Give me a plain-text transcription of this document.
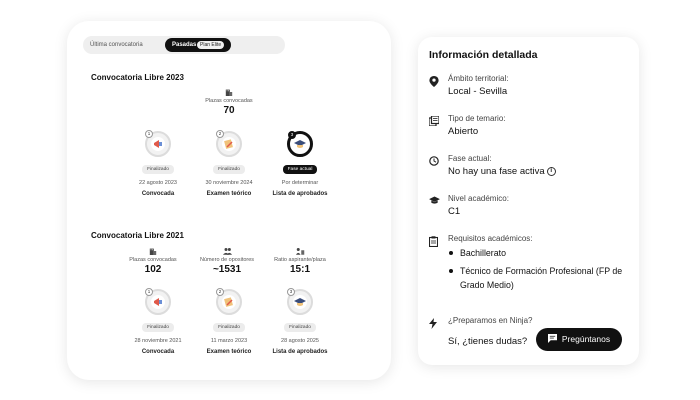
Última convocatoria	Pasadas Plan Elite
Convocatoria Libre 2023
Plazas convocadas
70
1
Finalizado
22 agosto 2023
Convocada
2
Finalizado
30 noviembre 2024
Examen teórico
3
Fase actual
Por determinar
Lista de aprobados
Convocatoria Libre 2021
Plazas convocadas
102
Número de opositores
~1531
Ratio aspirante/plaza
15:1
1
Finalizado
28 noviembre 2021
Convocada
2
Finalizado
11 marzo 2023
Examen teórico
3
Finalizado
28 agosto 2025
Lista de aprobados
Información detallada
Ámbito territorial:
Local - Sevilla
Tipo de temario:
Abierto
Fase actual:
No hay una fase activa i
Nivel académico:
C1
Requisitos académicos:
Bachillerato
Técnico de Formación Profesional (FP de Grado Medio)
¿Preparamos en Ninja?
Sí, ¿tienes dudas?	Pregúntanos
